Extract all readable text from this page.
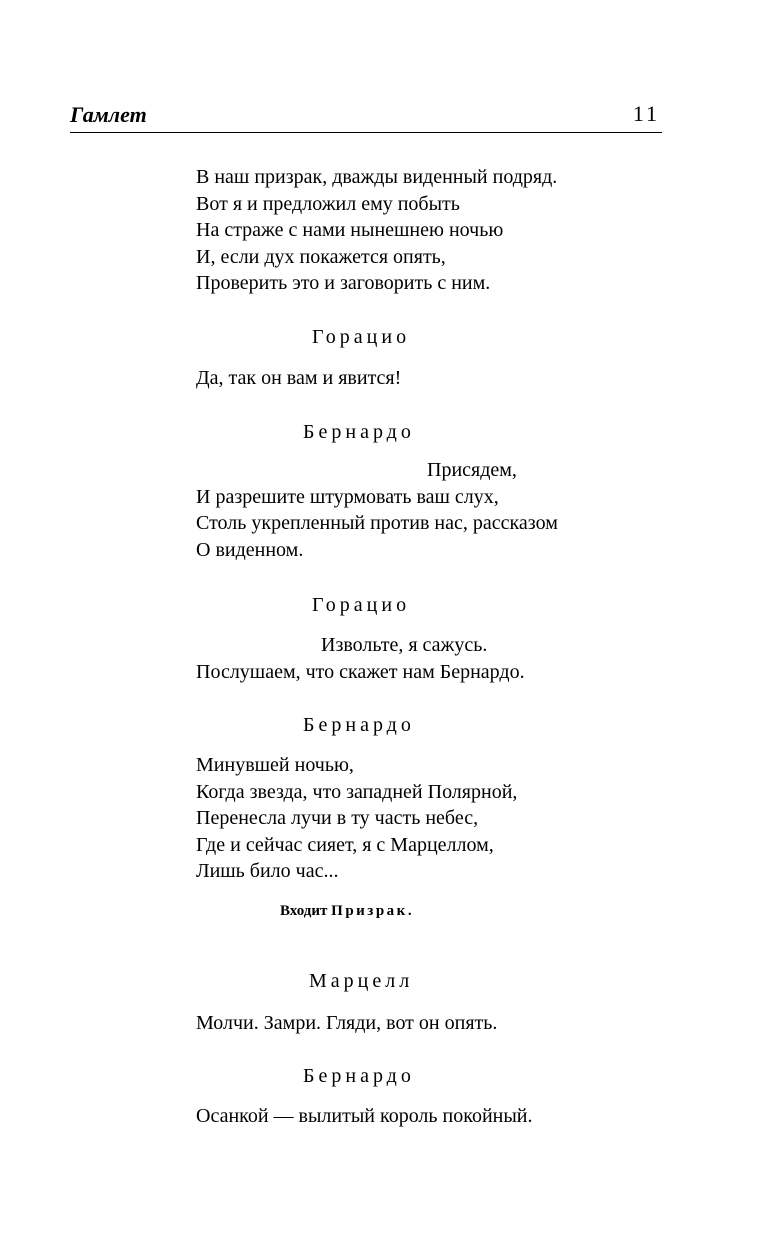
Гамлет	11
В наш призрак, дважды виденный подряд.
Вот я и предложил ему побыть
На страже с нами нынешнею ночью
И, если дух покажется опять,
Проверить это и заговорить с ним.
Горацио
Да, так он вам и явится!
Бернардо
Присядем,
И разрешите штурмовать ваш слух,
Столь укрепленный против нас, рассказом
О виденном.
Горацио
Извольте, я сажусь.
Послушаем, что скажет нам Бернардо.
Бернардо
Минувшей ночью,
Когда звезда, что западней Полярной,
Перенесла лучи в ту часть небес,
Где и сейчас сияет, я с Марцеллом,
Лишь било час...
Входит Призрак.
Марцелл
Молчи. Замри. Гляди, вот он опять.
Бернардо
Осанкой — вылитый король покойный.
